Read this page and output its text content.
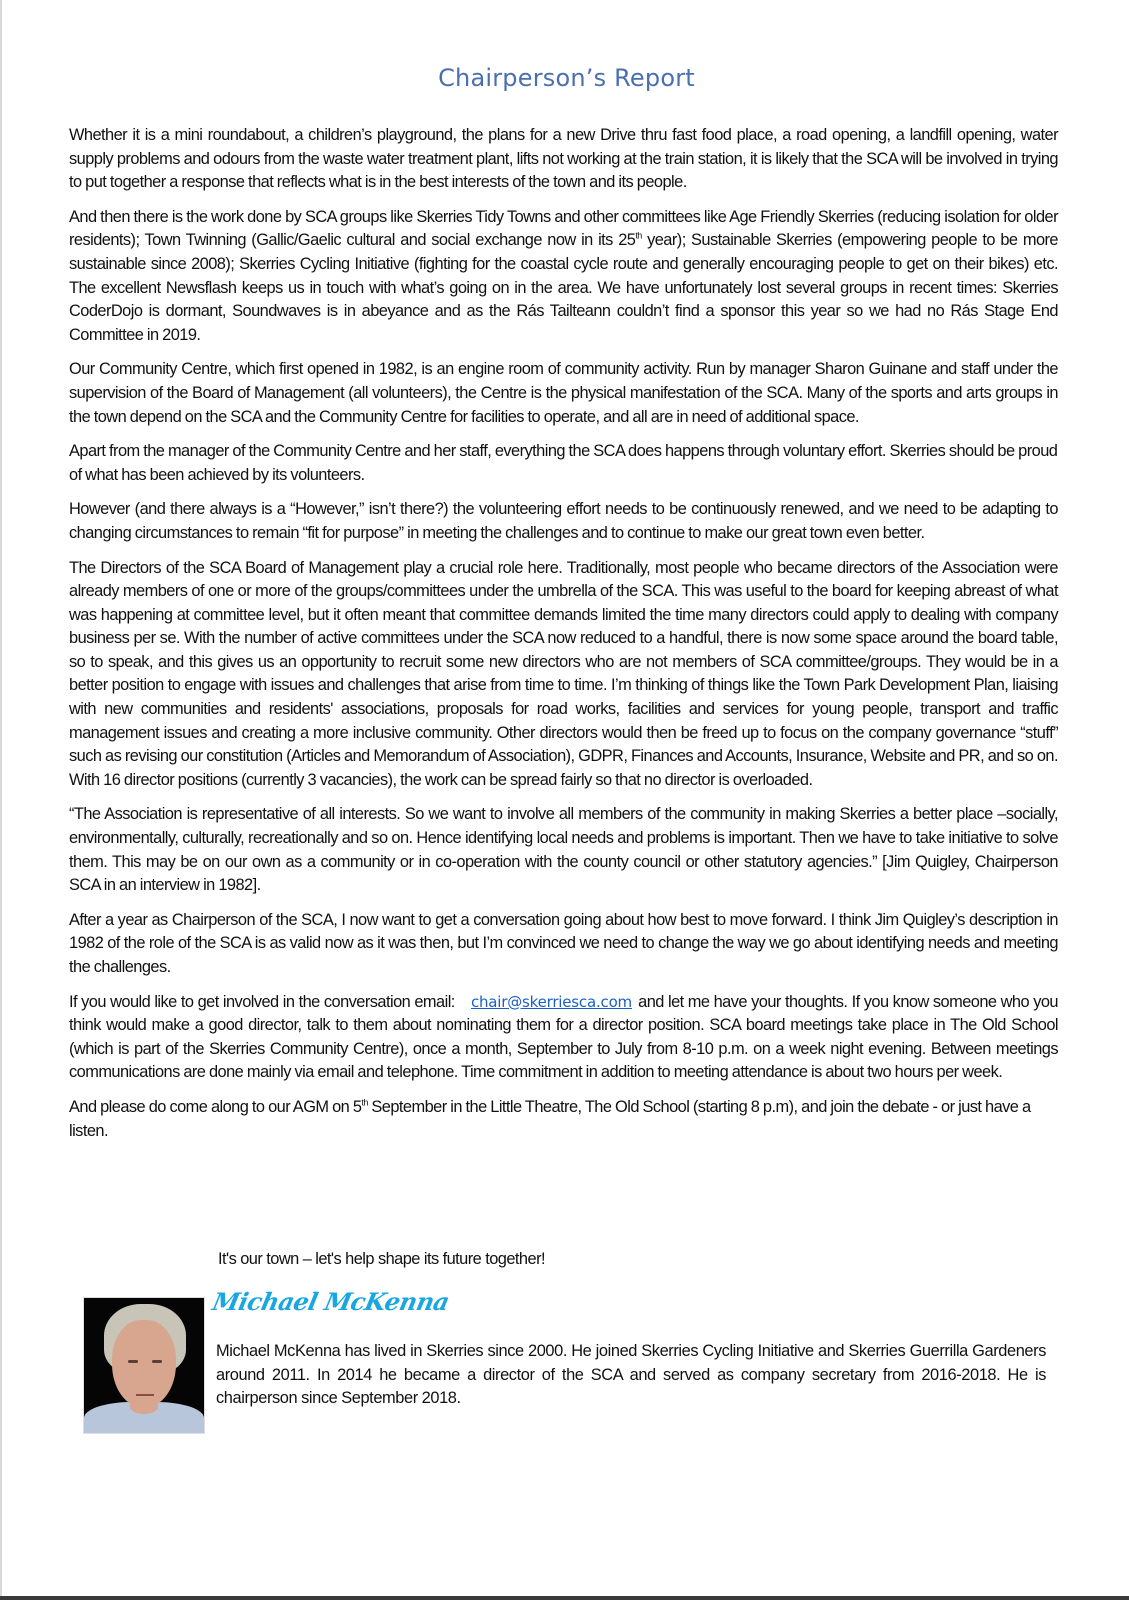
Chairperson’s Report

Whether it is a mini roundabout, a children’s playground, the plans for a new Drive thru fast food place, a road opening, a landfill opening, water supply problems and odours from the waste water treatment plant, lifts not working at the train station, it is likely that the SCA will be involved in trying to put together a response that reflects what is in the best interests of the town and its people.

And then there is the work done by SCA groups like Skerries Tidy Towns and other committees like Age Friendly Skerries (reducing isolation for older residents); Town Twinning (Gallic/Gaelic cultural and social exchange now in its 25th year); Sustainable Skerries (empowering people to be more sustainable since 2008); Skerries Cycling Initiative (fighting for the coastal cycle route and generally encouraging people to get on their bikes) etc. The excellent Newsflash keeps us in touch with what’s going on in the area. We have unfortunately lost several groups in recent times: Skerries CoderDojo is dormant, Soundwaves is in abeyance and as the Rás Tailteann couldn’t find a sponsor this year so we had no Rás Stage End Committee in 2019.

Our Community Centre, which first opened in 1982, is an engine room of community activity. Run by manager Sharon Guinane and staff under the supervision of the Board of Management (all volunteers), the Centre is the physical manifestation of the SCA. Many of the sports and arts groups in the town depend on the SCA and the Community Centre for facilities to operate, and all are in need of additional space.

Apart from the manager of the Community Centre and her staff, everything the SCA does happens through voluntary effort. Skerries should be proud of what has been achieved by its volunteers.

However (and there always is a “However,” isn’t there?) the volunteering effort needs to be continuously renewed, and we need to be adapting to changing circumstances to remain “fit for purpose” in meeting the challenges and to continue to make our great town even better.

The Directors of the SCA Board of Management play a crucial role here. Traditionally, most people who became directors of the Association were already members of one or more of the groups/committees under the umbrella of the SCA. This was useful to the board for keeping abreast of what was happening at committee level, but it often meant that committee demands limited the time many directors could apply to dealing with company business per se. With the number of active committees under the SCA now reduced to a handful, there is now some space around the board table, so to speak, and this gives us an opportunity to recruit some new directors who are not members of SCA committee/groups. They would be in a better position to engage with issues and challenges that arise from time to time. I’m thinking of things like the Town Park Development Plan, liaising with new communities and residents' associations, proposals for road works, facilities and services for young people, transport and traffic management issues and creating a more inclusive community. Other directors would then be freed up to focus on the company governance “stuff” such as revising our constitution (Articles and Memorandum of Association), GDPR, Finances and Accounts, Insurance, Website and PR, and so on. With 16 director positions (currently 3 vacancies), the work can be spread fairly so that no director is overloaded.

“The Association is representative of all interests. So we want to involve all members of the community in making Skerries a better place –socially, environmentally, culturally, recreationally and so on. Hence identifying local needs and problems is important. Then we have to take initiative to solve them. This may be on our own as a community or in co-operation with the county council or other statutory agencies.” [Jim Quigley, Chairperson SCA in an interview in 1982].

After a year as Chairperson of the SCA, I now want to get a conversation going about how best to move forward. I think Jim Quigley’s description in 1982 of the role of the SCA is as valid now as it was then, but I’m convinced we need to change the way we go about identifying needs and meeting the challenges.

If you would like to get involved in the conversation email: chair@skerriesca.com and let me have your thoughts. If you know someone who you think would make a good director, talk to them about nominating them for a director position. SCA board meetings take place in The Old School (which is part of the Skerries Community Centre), once a month, September to July from 8-10 p.m. on a week night evening. Between meetings communications are done mainly via email and telephone. Time commitment in addition to meeting attendance is about two hours per week.

And please do come along to our AGM on 5th September in the Little Theatre, The Old School (starting 8 p.m), and join the debate - or just have a listen.

It's our town – let's help shape its future together!
Michael McKenna
Michael McKenna has lived in Skerries since 2000. He joined Skerries Cycling Initiative and Skerries Guerrilla Gardeners around 2011. In 2014 he became a director of the SCA and served as company secretary from 2016-2018. He is chairperson since September 2018.
